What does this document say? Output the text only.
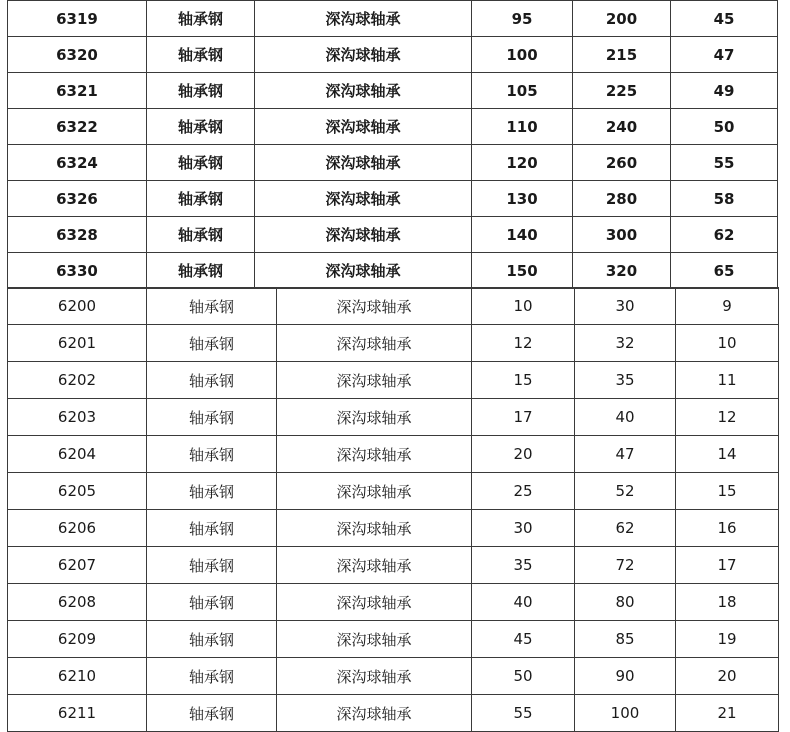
6319	轴承钢	深沟球轴承	95	200	45
6320	轴承钢	深沟球轴承	100	215	47
6321	轴承钢	深沟球轴承	105	225	49
6322	轴承钢	深沟球轴承	110	240	50
6324	轴承钢	深沟球轴承	120	260	55
6326	轴承钢	深沟球轴承	130	280	58
6328	轴承钢	深沟球轴承	140	300	62
6330	轴承钢	深沟球轴承	150	320	65
6200	轴承钢	深沟球轴承	10	30	9
6201	轴承钢	深沟球轴承	12	32	10
6202	轴承钢	深沟球轴承	15	35	11
6203	轴承钢	深沟球轴承	17	40	12
6204	轴承钢	深沟球轴承	20	47	14
6205	轴承钢	深沟球轴承	25	52	15
6206	轴承钢	深沟球轴承	30	62	16
6207	轴承钢	深沟球轴承	35	72	17
6208	轴承钢	深沟球轴承	40	80	18
6209	轴承钢	深沟球轴承	45	85	19
6210	轴承钢	深沟球轴承	50	90	20
6211	轴承钢	深沟球轴承	55	100	21
